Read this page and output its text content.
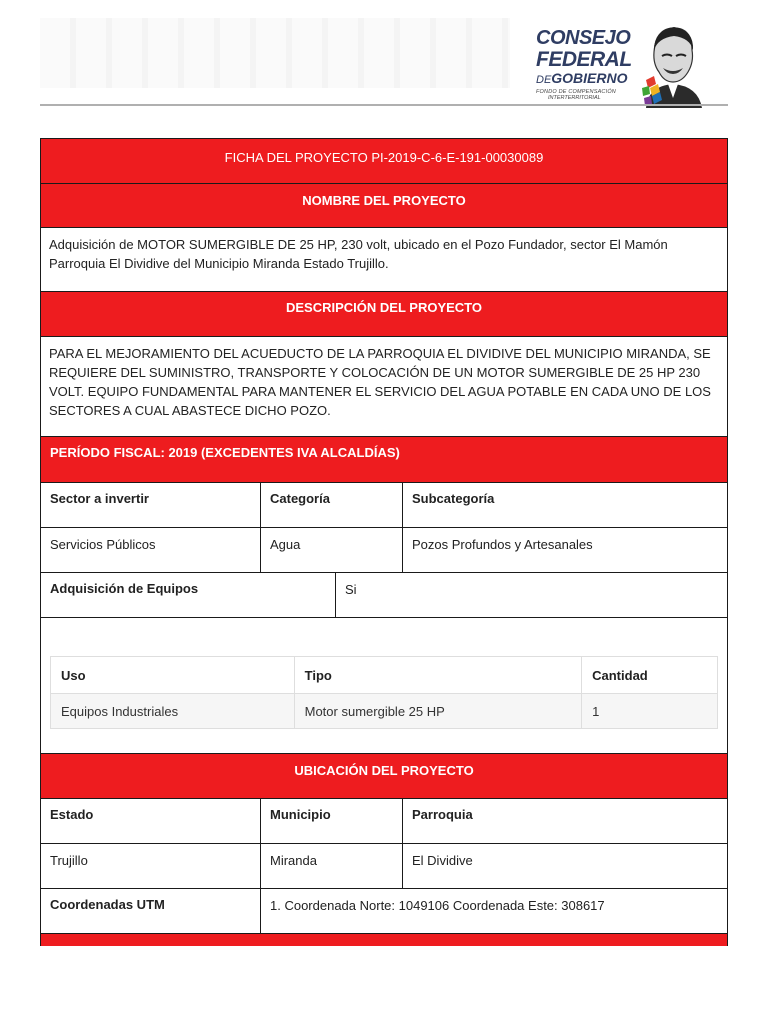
CONSEJO
FEDERAL
DEGOBIERNO
FONDO DE COMPENSACIÓN
INTERTERRITORIAL
FICHA DEL PROYECTO PI-2019-C-6-E-191-00030089
NOMBRE DEL PROYECTO
Adquisición de MOTOR SUMERGIBLE DE 25 HP, 230 volt, ubicado en el Pozo Fundador, sector El Mamón Parroquia El Dividive del Municipio Miranda Estado Trujillo.
DESCRIPCIÓN DEL PROYECTO
PARA EL MEJORAMIENTO DEL ACUEDUCTO DE LA PARROQUIA EL DIVIDIVE DEL MUNICIPIO MIRANDA, SE REQUIERE DEL SUMINISTRO, TRANSPORTE Y COLOCACIÓN DE UN MOTOR SUMERGIBLE DE 25 HP 230 VOLT. EQUIPO FUNDAMENTAL PARA MANTENER EL SERVICIO DEL AGUA POTABLE EN CADA UNO DE LOS SECTORES A CUAL ABASTECE DICHO POZO.
PERÍODO FISCAL: 2019 (EXCEDENTES IVA ALCALDÍAS)
Sector a invertir	Categoría	Subcategoría
Servicios Públicos	Agua	Pozos Profundos y Artesanales
Adquisición de Equipos	Si
Uso	Tipo	Cantidad
Equipos Industriales	Motor sumergible 25 HP	1
UBICACIÓN DEL PROYECTO
Estado	Municipio	Parroquia
Trujillo	Miranda	El Dividive
Coordenadas UTM	1. Coordenada Norte: 1049106 Coordenada Este: 308617
